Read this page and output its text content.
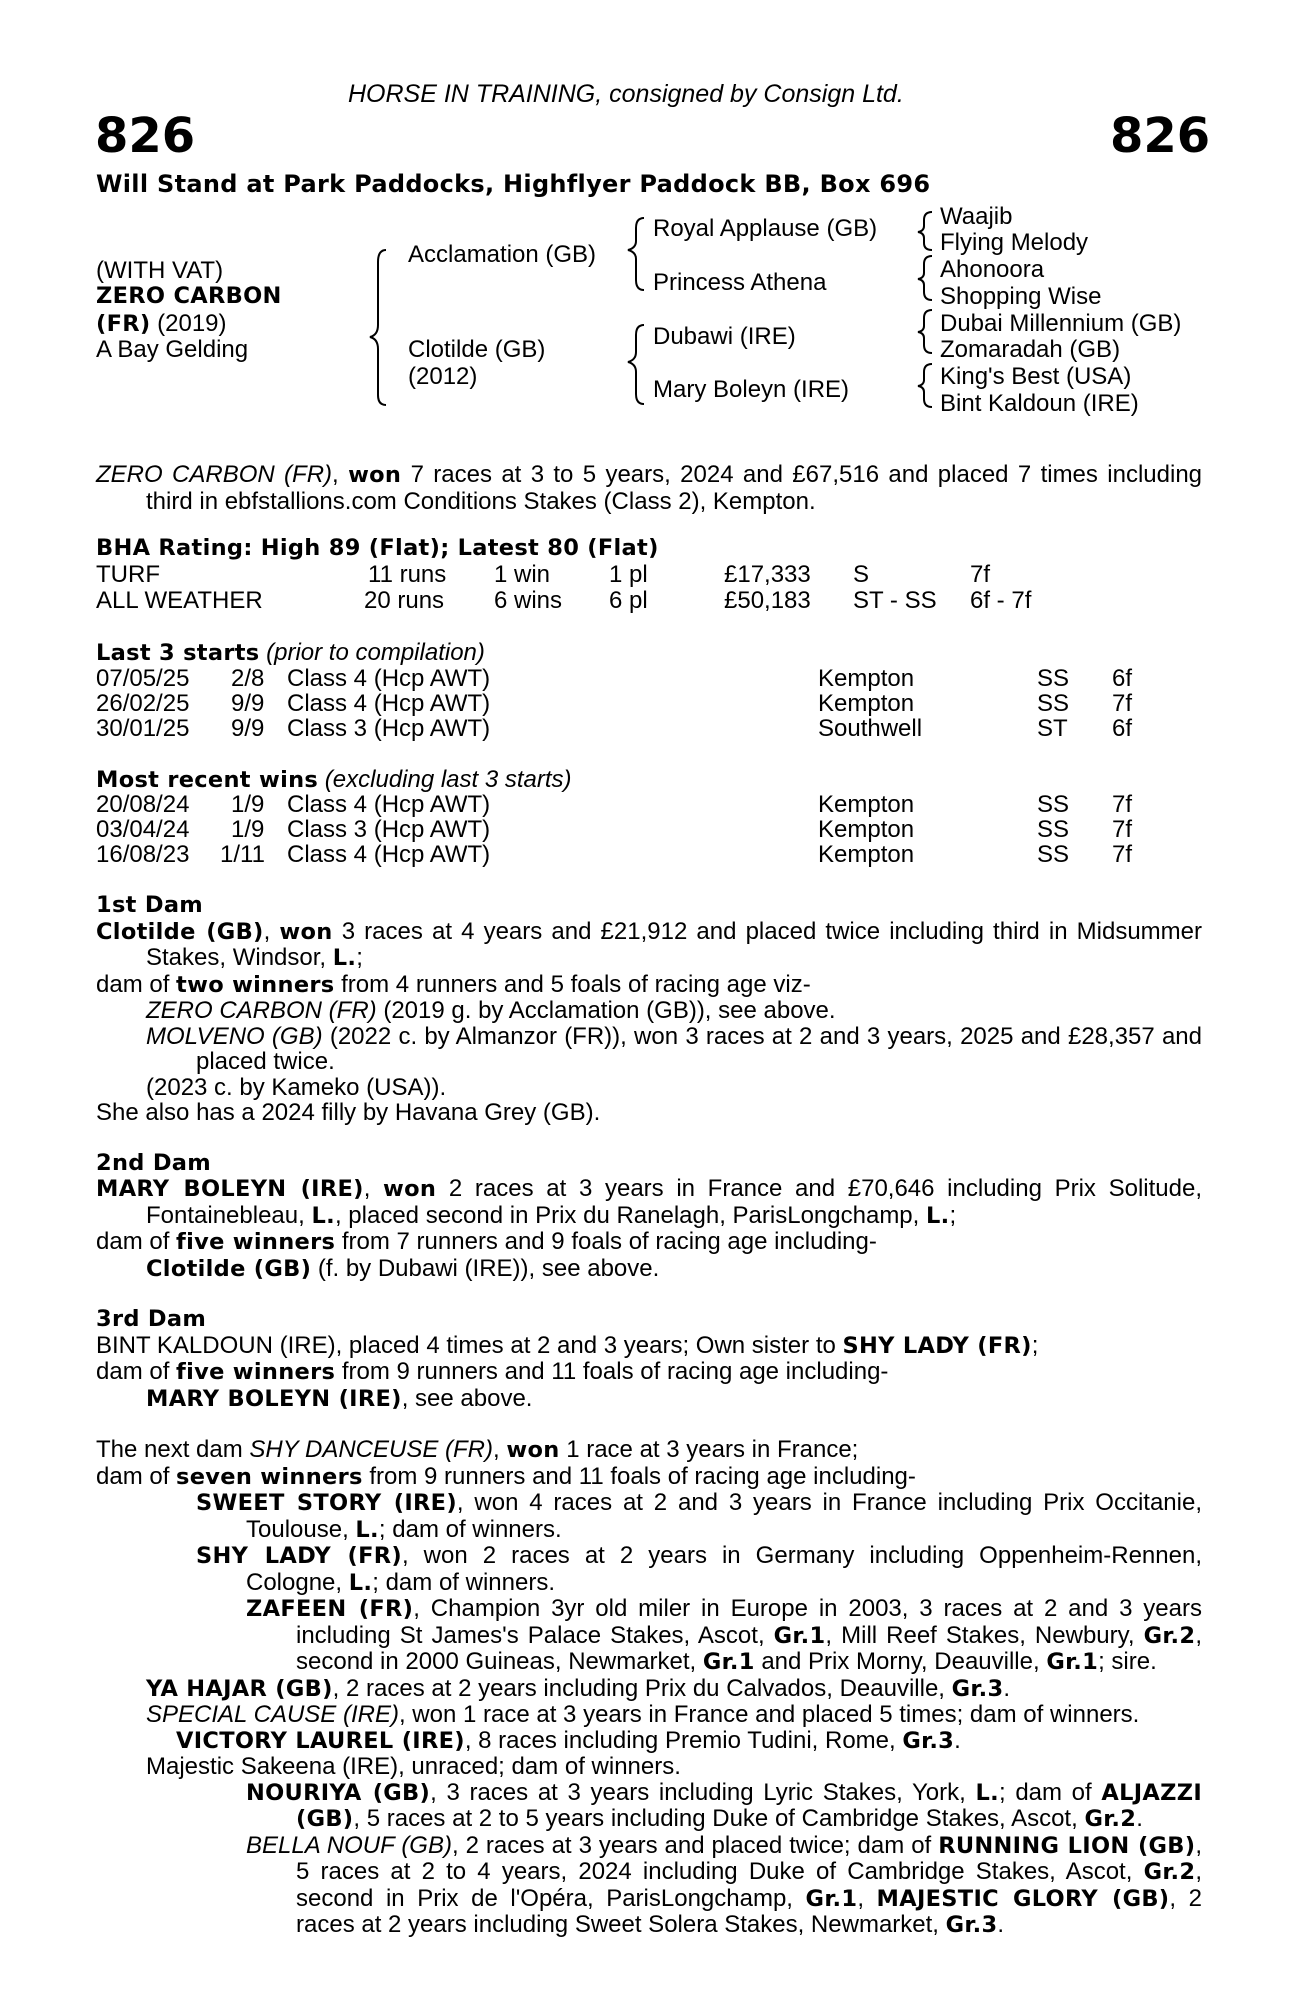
HORSE IN TRAINING, consigned by Consign Ltd.
826	826
Will Stand at Park Paddocks, Highflyer Paddock BB, Box 696
(WITH VAT)
ZERO CARBON
(FR) (2019)
A Bay Gelding
Acclamation (GB)
Clotilde (GB)
(2012)
Royal Applause (GB)
Princess Athena
Dubawi (IRE)
Mary Boleyn (IRE)
Waajib
Flying Melody
Ahonoora
Shopping Wise
Dubai Millennium (GB)
Zomaradah (GB)
King's Best (USA)
Bint Kaldoun (IRE)

ZERO CARBON (FR), won 7 races at 3 to 5 years, 2024 and £67,516 and placed 7 times including third in ebfstallions.com Conditions Stakes (Class 2), Kempton.

BHA Rating: High 89 (Flat); Latest 80 (Flat)
TURF	11 runs 1 win 1 pl	£17,333 S	7f
ALL WEATHER	20 runs 6 wins 6 pl	£50,183 ST - SS 6f - 7f
Last 3 starts (prior to compilation)
07/05/25 2/8 Class 4 (Hcp AWT)	Kempton	SS 6f
26/02/25 9/9 Class 4 (Hcp AWT)	Kempton	SS 7f
30/01/25 9/9 Class 3 (Hcp AWT)	Southwell	ST 6f
Most recent wins (excluding last 3 starts)
20/08/24 1/9 Class 4 (Hcp AWT)	Kempton	SS 7f
03/04/24 1/9 Class 3 (Hcp AWT)	Kempton	SS 7f
16/08/23 1/11 Class 4 (Hcp AWT)	Kempton	SS 7f

1st Dam

Clotilde (GB), won 3 races at 4 years and £21,912 and placed twice including third in Midsummer Stakes, Windsor, L.;

dam of two winners from 4 runners and 5 foals of racing age viz-

ZERO CARBON (FR) (2019 g. by Acclamation (GB)), see above.

MOLVENO (GB) (2022 c. by Almanzor (FR)), won 3 races at 2 and 3 years, 2025 and £28,357 and placed twice.

(2023 c. by Kameko (USA)).

She also has a 2024 filly by Havana Grey (GB).

2nd Dam

MARY BOLEYN (IRE), won 2 races at 3 years in France and £70,646 including Prix Solitude, Fontainebleau, L., placed second in Prix du Ranelagh, ParisLongchamp, L.;

dam of five winners from 7 runners and 9 foals of racing age including-

Clotilde (GB) (f. by Dubawi (IRE)), see above.

3rd Dam

BINT KALDOUN (IRE), placed 4 times at 2 and 3 years; Own sister to SHY LADY (FR);

dam of five winners from 9 runners and 11 foals of racing age including-

MARY BOLEYN (IRE), see above.

The next dam SHY DANCEUSE (FR), won 1 race at 3 years in France;

dam of seven winners from 9 runners and 11 foals of racing age including-

SWEET STORY (IRE), won 4 races at 2 and 3 years in France including Prix Occitanie, Toulouse, L.; dam of winners.

SHY LADY (FR), won 2 races at 2 years in Germany including Oppenheim-Rennen, Cologne, L.; dam of winners.

ZAFEEN (FR), Champion 3yr old miler in Europe in 2003, 3 races at 2 and 3 years including St James's Palace Stakes, Ascot, Gr.1, Mill Reef Stakes, Newbury, Gr.2, second in 2000 Guineas, Newmarket, Gr.1 and Prix Morny, Deauville, Gr.1; sire.

YA HAJAR (GB), 2 races at 2 years including Prix du Calvados, Deauville, Gr.3.

SPECIAL CAUSE (IRE), won 1 race at 3 years in France and placed 5 times; dam of winners.

VICTORY LAUREL (IRE), 8 races including Premio Tudini, Rome, Gr.3.

Majestic Sakeena (IRE), unraced; dam of winners.

NOURIYA (GB), 3 races at 3 years including Lyric Stakes, York, L.; dam of ALJAZZI (GB), 5 races at 2 to 5 years including Duke of Cambridge Stakes, Ascot, Gr.2.

BELLA NOUF (GB), 2 races at 3 years and placed twice; dam of RUNNING LION (GB), 5 races at 2 to 4 years, 2024 including Duke of Cambridge Stakes, Ascot, Gr.2, second in Prix de l'Opéra, ParisLongchamp, Gr.1, MAJESTIC GLORY (GB), 2 races at 2 years including Sweet Solera Stakes, Newmarket, Gr.3.
